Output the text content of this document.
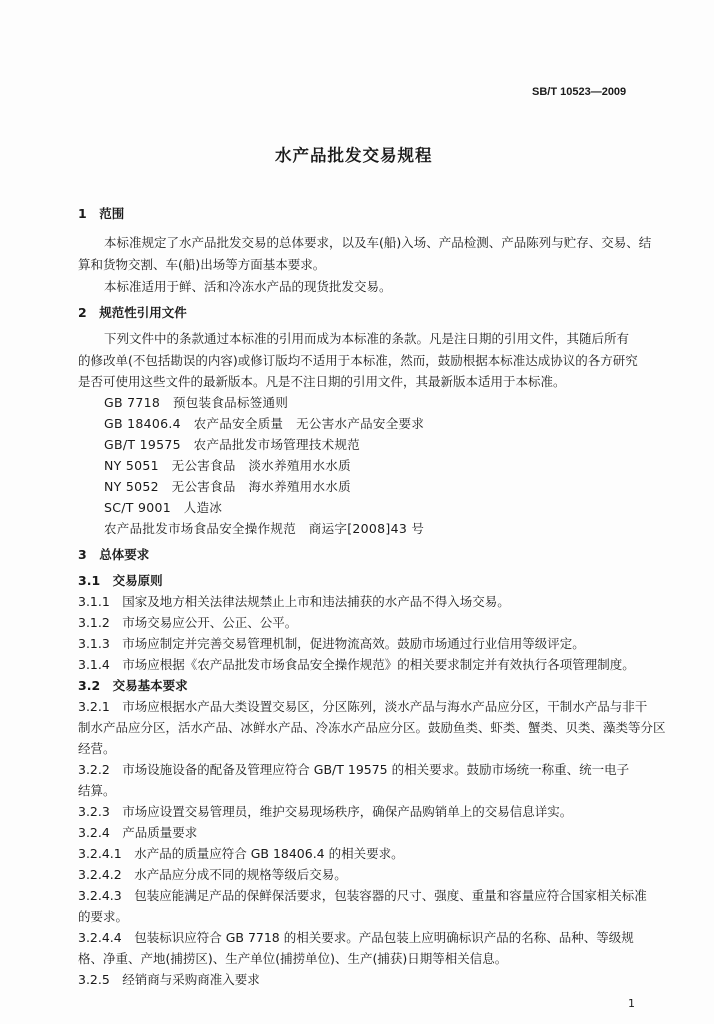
SB/T 10523—2009
水产品批发交易规程
1　范围
本标准规定了水产品批发交易的总体要求，以及车(船)入场、产品检测、产品陈列与贮存、交易、结
算和货物交割、车(船)出场等方面基本要求。
本标准适用于鲜、活和冷冻水产品的现货批发交易。
2　规范性引用文件
下列文件中的条款通过本标准的引用而成为本标准的条款。凡是注日期的引用文件，其随后所有
的修改单(不包括勘误的内容)或修订版均不适用于本标准，然而，鼓励根据本标准达成协议的各方研究
是否可使用这些文件的最新版本。凡是不注日期的引用文件，其最新版本适用于本标准。
GB 7718　预包装食品标签通则
GB 18406.4　农产品安全质量　无公害水产品安全要求
GB/T 19575　农产品批发市场管理技术规范
NY 5051　无公害食品　淡水养殖用水水质
NY 5052　无公害食品　海水养殖用水水质
SC/T 9001　人造冰
农产品批发市场食品安全操作规范　商运字[2008]43 号
3　总体要求
3.1　交易原则
3.1.1　国家及地方相关法律法规禁止上市和违法捕获的水产品不得入场交易。
3.1.2　市场交易应公开、公正、公平。
3.1.3　市场应制定并完善交易管理机制，促进物流高效。鼓励市场通过行业信用等级评定。
3.1.4　市场应根据《农产品批发市场食品安全操作规范》的相关要求制定并有效执行各项管理制度。
3.2　交易基本要求
3.2.1　市场应根据水产品大类设置交易区，分区陈列，淡水产品与海水产品应分区，干制水产品与非干
制水产品应分区，活水产品、冰鲜水产品、冷冻水产品应分区。鼓励鱼类、虾类、蟹类、贝类、藻类等分区
经营。
3.2.2　市场设施设备的配备及管理应符合 GB/T 19575 的相关要求。鼓励市场统一称重、统一电子
结算。
3.2.3　市场应设置交易管理员，维护交易现场秩序，确保产品购销单上的交易信息详实。
3.2.4　产品质量要求
3.2.4.1　水产品的质量应符合 GB 18406.4 的相关要求。
3.2.4.2　水产品应分成不同的规格等级后交易。
3.2.4.3　包装应能满足产品的保鲜保活要求，包装容器的尺寸、强度、重量和容量应符合国家相关标准
的要求。
3.2.4.4　包装标识应符合 GB 7718 的相关要求。产品包装上应明确标识产品的名称、品种、等级规
格、净重、产地(捕捞区)、生产单位(捕捞单位)、生产(捕获)日期等相关信息。
3.2.5　经销商与采购商准入要求
1
